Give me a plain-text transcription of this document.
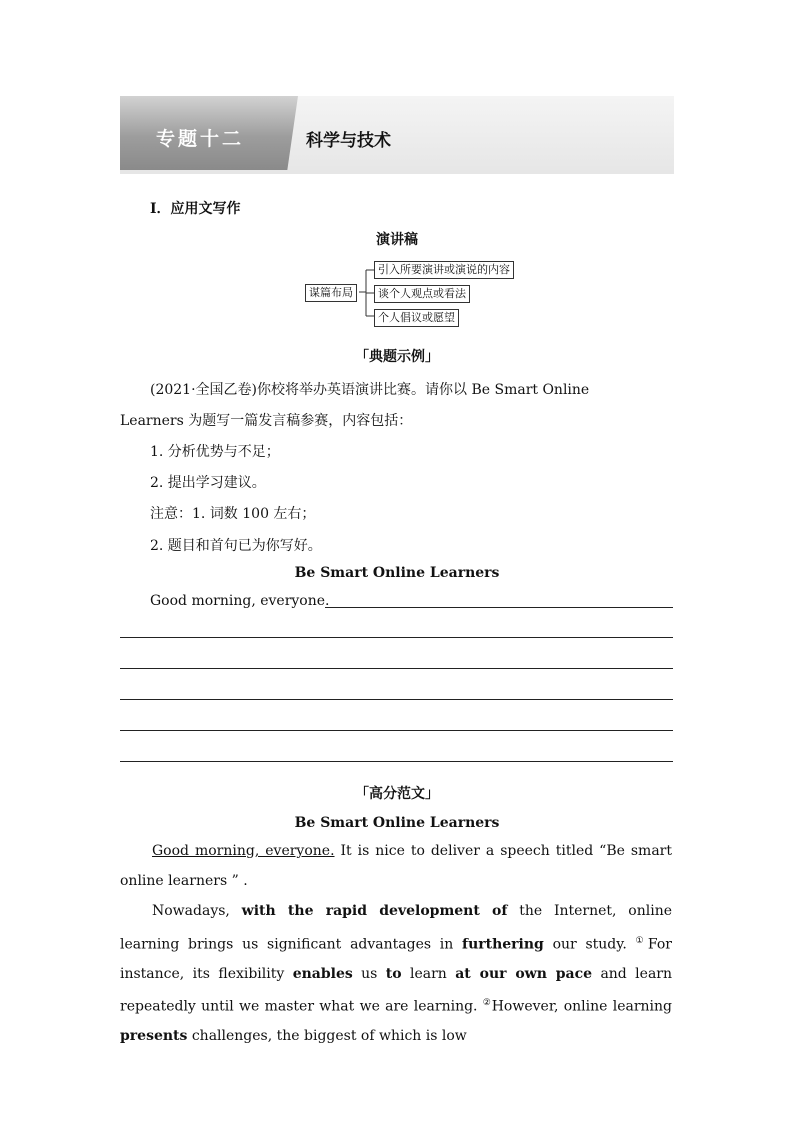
专题十二	科学与技术
Ⅰ．应用文写作
演讲稿
谋篇布局
引入所要演讲或演说的内容
谈个人观点或看法
个人倡议或愿望
「典题示例」
(2021·全国乙卷)你校将举办英语演讲比赛。请你以 Be Smart Online
Learners 为题写一篇发言稿参赛，内容包括：
1. 分析优势与不足；
2. 提出学习建议。
注意：1. 词数 100 左右；
2. 题目和首句已为你写好。
Be Smart Online Learners
Good morning, everyone.
「高分范文」
Be Smart Online Learners
Good morning, everyone. It is nice to deliver a speech titled “Be smart online learners ” .
Nowadays, with the rapid development of the Internet, online learning brings us significant advantages in furthering our study. ①For instance, its flexibility enables us to learn at our own pace and learn repeatedly until we master what we are learning. ②However, online learning presents challenges, the biggest of which is low
